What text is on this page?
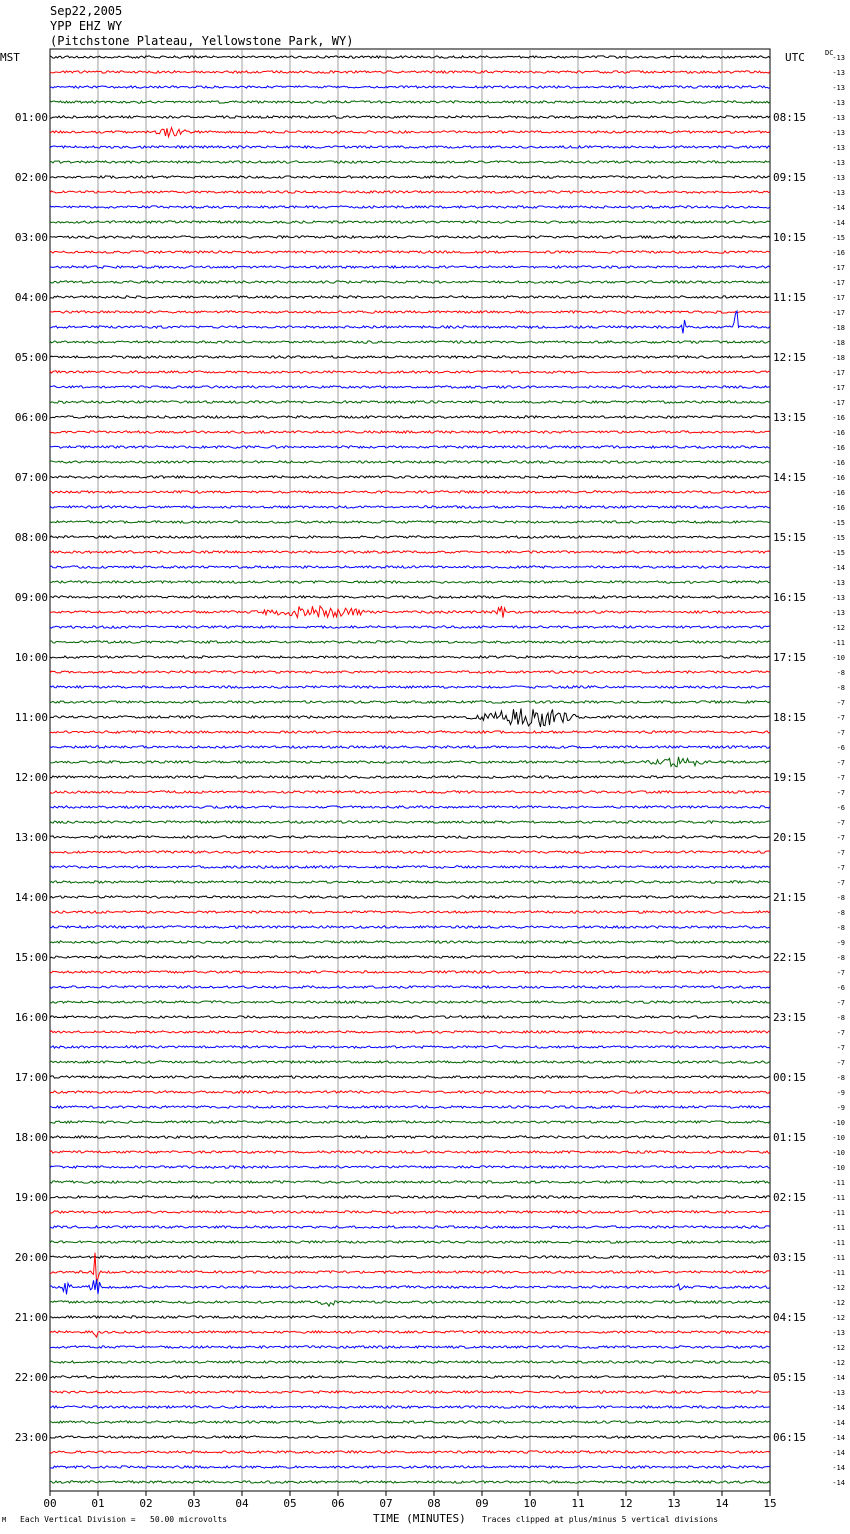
Sep22,2005
YPP EHZ WY
(Pitchstone Plateau, Yellowstone Park, WY)
MST	UTC	DC
00	01	02	03	04	05	06	07	08	09	10	11	12	13	14	15
01:00
02:00
03:00
04:00
05:00
06:00
07:00
08:00
09:00
10:00
11:00
12:00
13:00
14:00
15:00
16:00
17:00
18:00
19:00
20:00
21:00
22:00
23:00
08:15
09:15
10:15
11:15
12:15
13:15
14:15
15:15
16:15
17:15
18:15
19:15
20:15
21:15
22:15
23:15
00:15
01:15
02:15
03:15
04:15
05:15
06:15
-13
-13
-13
-13
-13
-13
-13
-13
-13
-13
-14
-14
-15
-16
-17
-17
-17
-17
-18
-18
-18
-17
-17
-17
-16
-16
-16
-16
-16
-16
-16
-15
-15
-15
-14
-13
-13
-13
-12
-11
-10
-8
-8
-7
-7
-7
-6
-7
-7
-7
-6
-7
-7
-7
-7
-7
-8
-8
-8
-9
-8
-7
-6
-7
-8
-7
-7
-7
-8
-9
-9
-10
-10
-10
-10
-11
-11
-11
-11
-11
-11
-11
-12
-12
-12
-13
-12
-12
-14
-13
-14
-14
-14
-14
-14
-14
M Each Vertical Division =   50.00 microvolts	TIME (MINUTES) Traces clipped at plus/minus 5 vertical divisions
